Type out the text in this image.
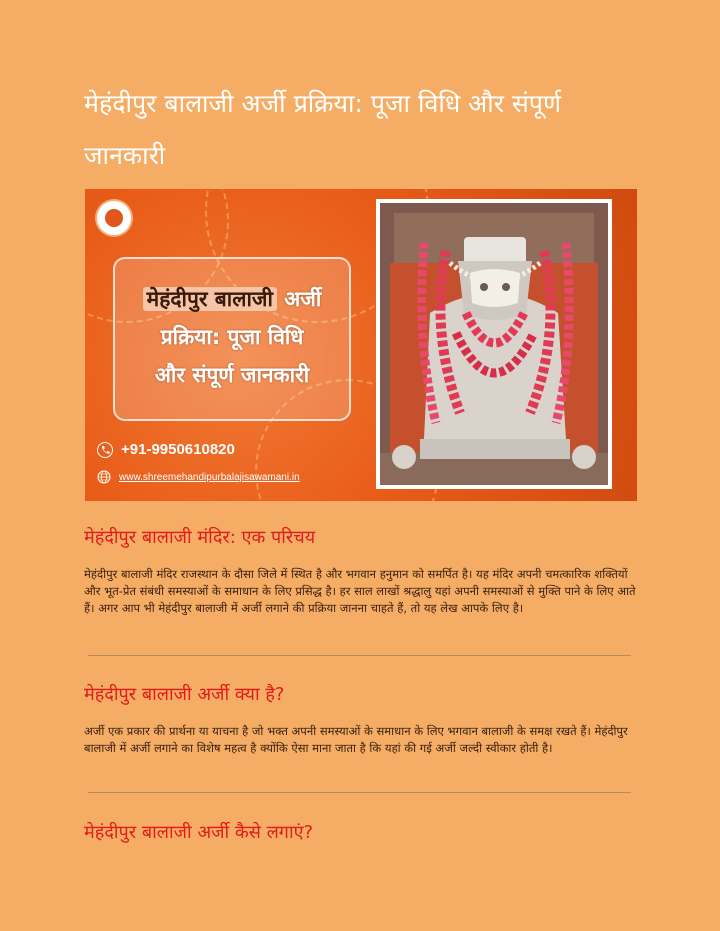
मेहंदीपुर बालाजी अर्जी प्रक्रिया: पूजा विधि और संपूर्ण जानकारी
मेहंदीपुर बालाजी अर्जी
प्रक्रिया: पूजा विधि
और संपूर्ण जानकारी
+91-9950610820
www.shreemehandipurbalajisawamani.in
मेहंदीपुर बालाजी मंदिर: एक परिचय

मेहंदीपुर बालाजी मंदिर राजस्थान के दौसा जिले में स्थित है और भगवान हनुमान को समर्पित है। यह मंदिर अपनी चमत्कारिक शक्तियों और भूत-प्रेत संबंधी समस्याओं के समाधान के लिए प्रसिद्ध है। हर साल लाखों श्रद्धालु यहां अपनी समस्याओं से मुक्ति पाने के लिए आते हैं। अगर आप भी मेहंदीपुर बालाजी में अर्जी लगाने की प्रक्रिया जानना चाहते हैं, तो यह लेख आपके लिए है।

मेहंदीपुर बालाजी अर्जी क्या है?

अर्जी एक प्रकार की प्रार्थना या याचना है जो भक्त अपनी समस्याओं के समाधान के लिए भगवान बालाजी के समक्ष रखते हैं। मेहंदीपुर बालाजी में अर्जी लगाने का विशेष महत्व है क्योंकि ऐसा माना जाता है कि यहां की गई अर्जी जल्दी स्वीकार होती है।

मेहंदीपुर बालाजी अर्जी कैसे लगाएं?
